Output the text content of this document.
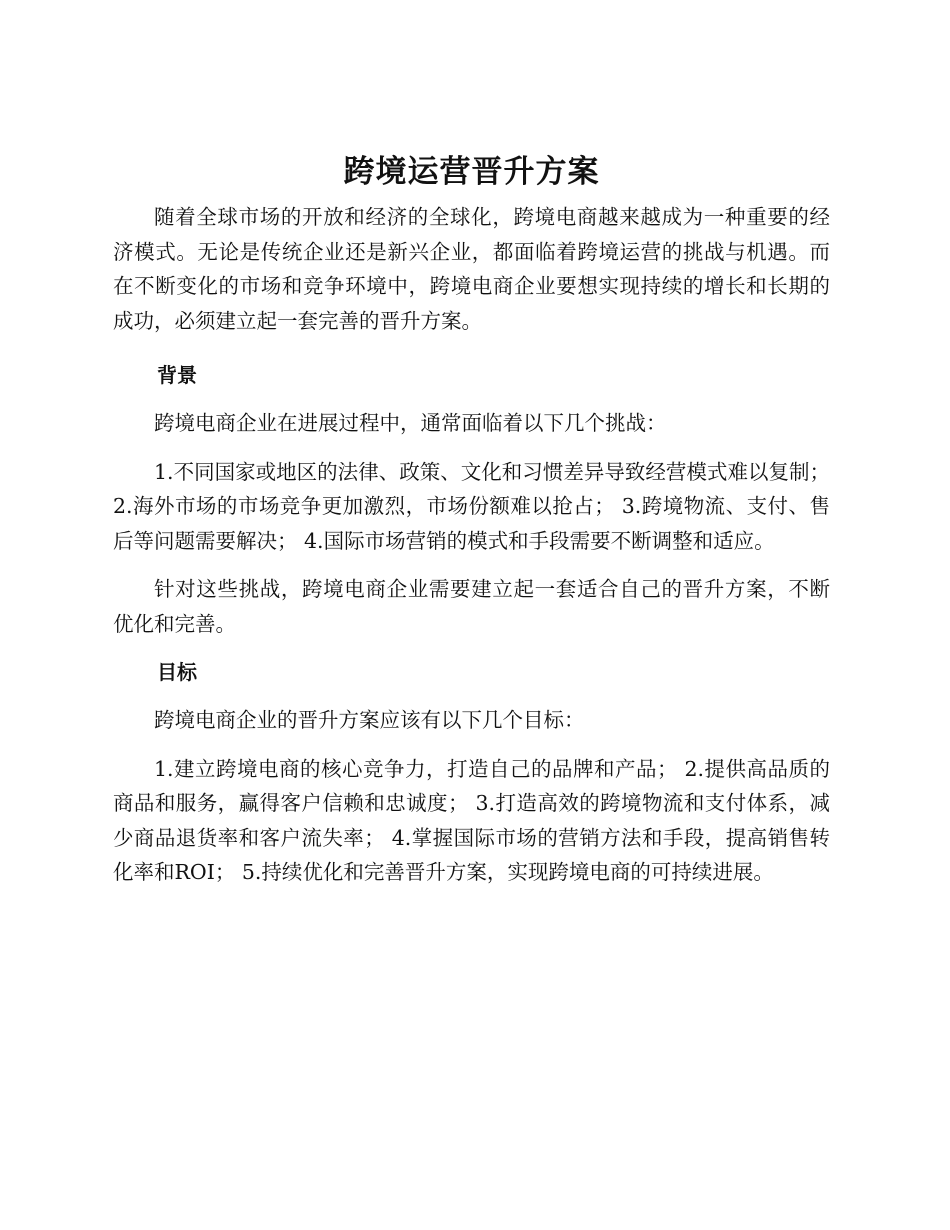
跨境运营晋升方案

随着全球市场的开放和经济的全球化，跨境电商越来越成为一种重要的经济模式。无论是传统企业还是新兴企业，都面临着跨境运营的挑战与机遇。而在不断变化的市场和竞争环境中，跨境电商企业要想实现持续的增长和长期的成功，必须建立起一套完善的晋升方案。

背景

跨境电商企业在进展过程中，通常面临着以下几个挑战：

1.不同国家或地区的法律、政策、文化和习惯差异导致经营模式难以复制； 2.海外市场的市场竞争更加激烈，市场份额难以抢占； 3.跨境物流、支付、售后等问题需要解决； 4.国际市场营销的模式和手段需要不断调整和适应。

针对这些挑战，跨境电商企业需要建立起一套适合自己的晋升方案，不断优化和完善。

目标

跨境电商企业的晋升方案应该有以下几个目标：

1.建立跨境电商的核心竞争力，打造自己的品牌和产品； 2.提供高品质的商品和服务，赢得客户信赖和忠诚度； 3.打造高效的跨境物流和支付体系，减少商品退货率和客户流失率； 4.掌握国际市场的营销方法和手段，提高销售转化率和ROI； 5.持续优化和完善晋升方案，实现跨境电商的可持续进展。
